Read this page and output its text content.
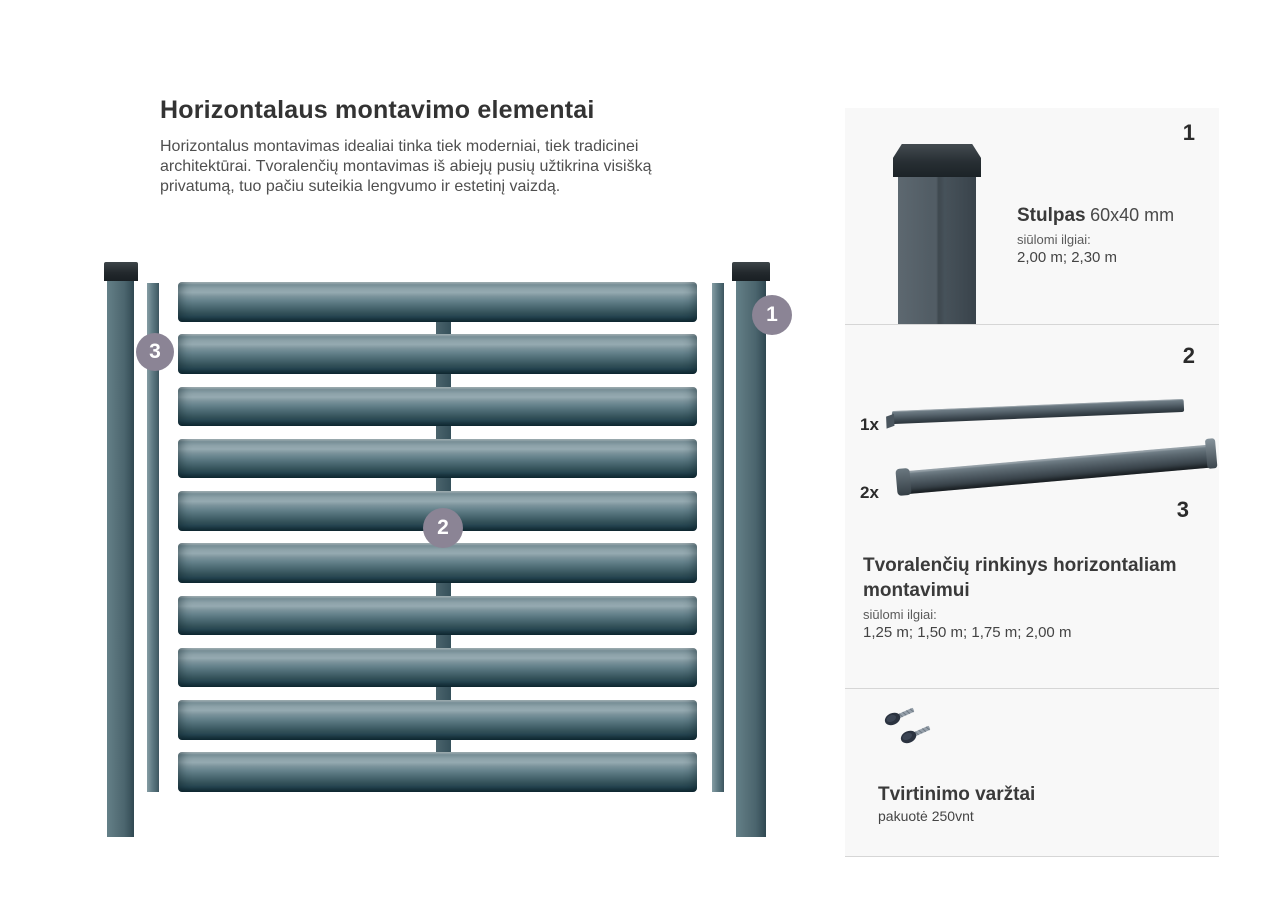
Horizontalaus montavimo elementai
Horizontalus montavimas idealiai tinka tiek moderniai, tiek tradicinei
architektūrai. Tvoralenčių montavimas iš abiejų pusių užtikrina visišką
privatumą, tuo pačiu suteikia lengvumo ir estetinį vaizdą.
1
2
3
1
Stulpas 60x40 mm
siūlomi ilgiai:
2,00 m; 2,30 m
2
1x
2x
3
Tvoralenčių rinkinys horizontaliam montavimui
siūlomi ilgiai:
1,25 m; 1,50 m; 1,75 m; 2,00 m
Tvirtinimo varžtai
pakuotė 250vnt
